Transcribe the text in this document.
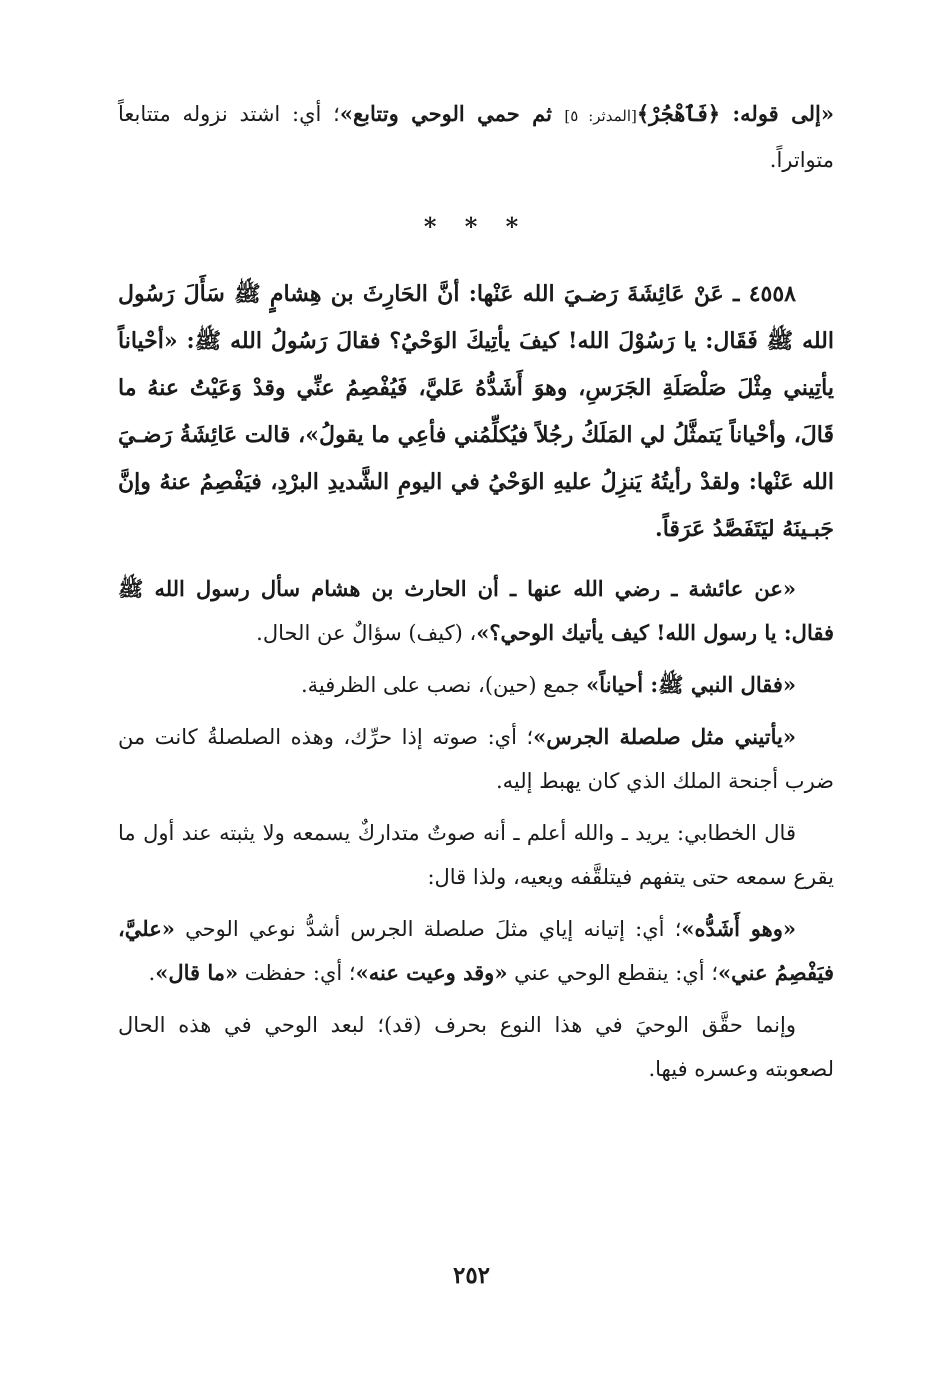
«إلى قوله: ﴿فَٱهْجُرْ﴾[المدثر: ٥] ثم حمي الوحي وتتابع»؛ أي: اشتد نزوله متتابعاً متواتراً.

* * *

٤٥٥٨ ـ عَنْ عَائِشَةَ رَضـيَ الله عَنْها: أنَّ الحَارِثَ بن هِشامٍ ﷺ سَأَلَ رَسُول الله ﷺ فَقَال: يا رَسُوْلَ الله! كيفَ يأتِيكَ الوَحْيُ؟ فقالَ رَسُولُ الله ﷺ: «أحْياناً يأتِيني مِثْلَ صَلْصَلَةِ الجَرَسِ، وهوَ أَشَدُّهُ عَليَّ، فَيُفْصِمُ عنِّي وقدْ وَعَيْتُ عنهُ ما قَالَ، وأحْياناً يَتمثَّلُ لي المَلَكُ رجُلاً فيُكلِّمُني فأعِي ما يقولُ»، قالت عَائِشَةُ رَضـيَ الله عَنْها: ولقدْ رأيتُهُ يَنزِلُ عليهِ الوَحْيُ في اليومِ الشَّديدِ البرْدِ، فيَفْصِمُ عنهُ وإنَّ جَبـينَهُ ليَتَفَصَّدُ عَرَقاً.

«عن عائشة ـ رضي الله عنها ـ أن الحارث بن هشام سأل رسول الله ﷺ فقال: يا رسول الله! كيف يأتيك الوحي؟»، (كيف) سؤالٌ عن الحال.

«فقال النبي ﷺ: أحياناً» جمع (حين)، نصب على الظرفية.

«يأتيني مثل صلصلة الجرس»؛ أي: صوته إذا حرِّك، وهذه الصلصلةُ كانت من ضرب أجنحة الملك الذي كان يهبط إليه.

قال الخطابي: يريد ـ والله أعلم ـ أنه صوتٌ متداركٌ يسمعه ولا يثبته عند أول ما يقرع سمعه حتى يتفهم فيتلقَّفه ويعيه، ولذا قال:

«وهو أَشَدُّه»؛ أي: إتيانه إياي مثلَ صلصلة الجرس أشدُّ نوعي الوحي «عليَّ، فيَفْصِمُ عني»؛ أي: ينقطع الوحي عني «وقد وعيت عنه»؛ أي: حفظت «ما قال».

وإنما حقَّق الوحيَ في هذا النوع بحرف (قد)؛ لبعد الوحي في هذه الحال لصعوبته وعسره فيها.

٢٥٢
